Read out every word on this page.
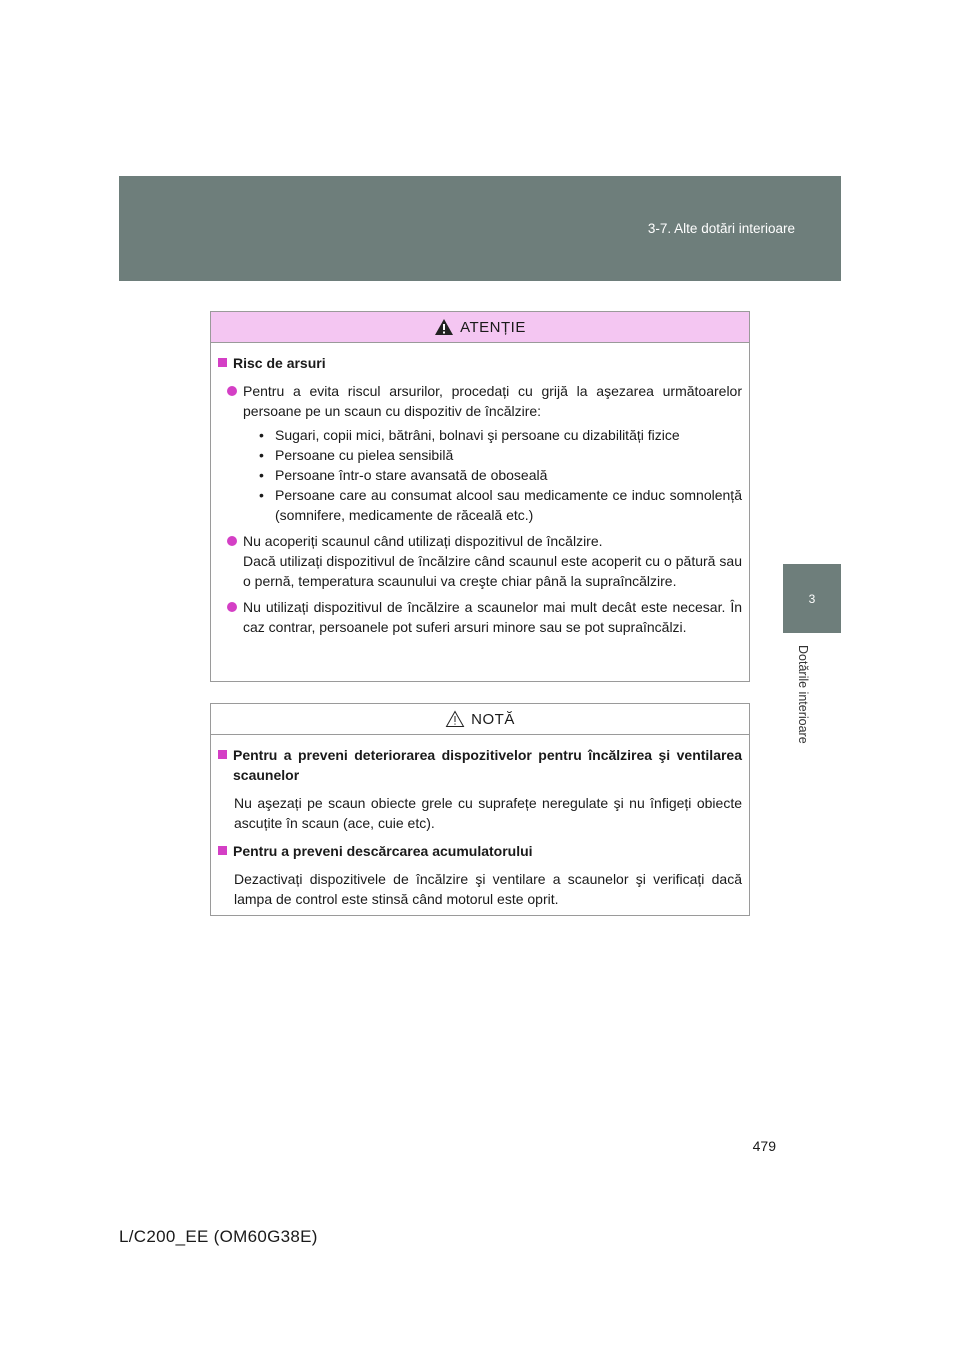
3-7. Alte dotări interioare
3
Dotările interioare
ATENȚIE
Risc de arsuri

Pentru a evita riscul arsurilor, procedați cu grijă la aşezarea următoarelor persoane pe un scaun cu dispozitiv de încălzire:

• Sugari, copii mici, bătrâni, bolnavi şi persoane cu dizabilități fizice
• Persoane cu pielea sensibilă
• Persoane într-o stare avansată de oboseală
• Persoane care au consumat alcool sau medicamente ce induc somnolență (somnifere, medicamente de răceală etc.)

Nu acoperiți scaunul când utilizați dispozitivul de încălzire.

Dacă utilizați dispozitivul de încălzire când scaunul este acoperit cu o pătură sau o pernă, temperatura scaunului va creşte chiar până la supraîncălzire.

Nu utilizați dispozitivul de încălzire a scaunelor mai mult decât este necesar. În caz contrar, persoanele pot suferi arsuri minore sau se pot supraîncălzi.

NOTĂ
Pentru a preveni deteriorarea dispozitivelor pentru încălzirea şi ventilarea scaunelor
Nu aşezați pe scaun obiecte grele cu suprafețe neregulate şi nu înfigeți obiecte ascuțite în scaun (ace, cuie etc).
Pentru a preveni descărcarea acumulatorului
Dezactivați dispozitivele de încălzire şi ventilare a scaunelor şi verificați dacă lampa de control este stinsă când motorul este oprit.
479
L/C200_EE (OM60G38E)
